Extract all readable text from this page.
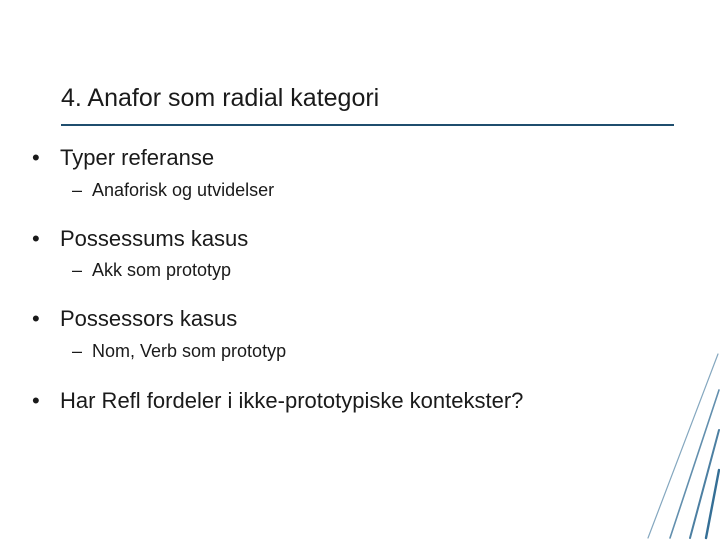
4. Anafor som radial kategori
• Typer referanse
– Anaforisk og utvidelser
• Possessums kasus
– Akk som prototyp
• Possessors kasus
– Nom, Verb som prototyp
• Har Refl fordeler i ikke-prototypiske kontekster?
